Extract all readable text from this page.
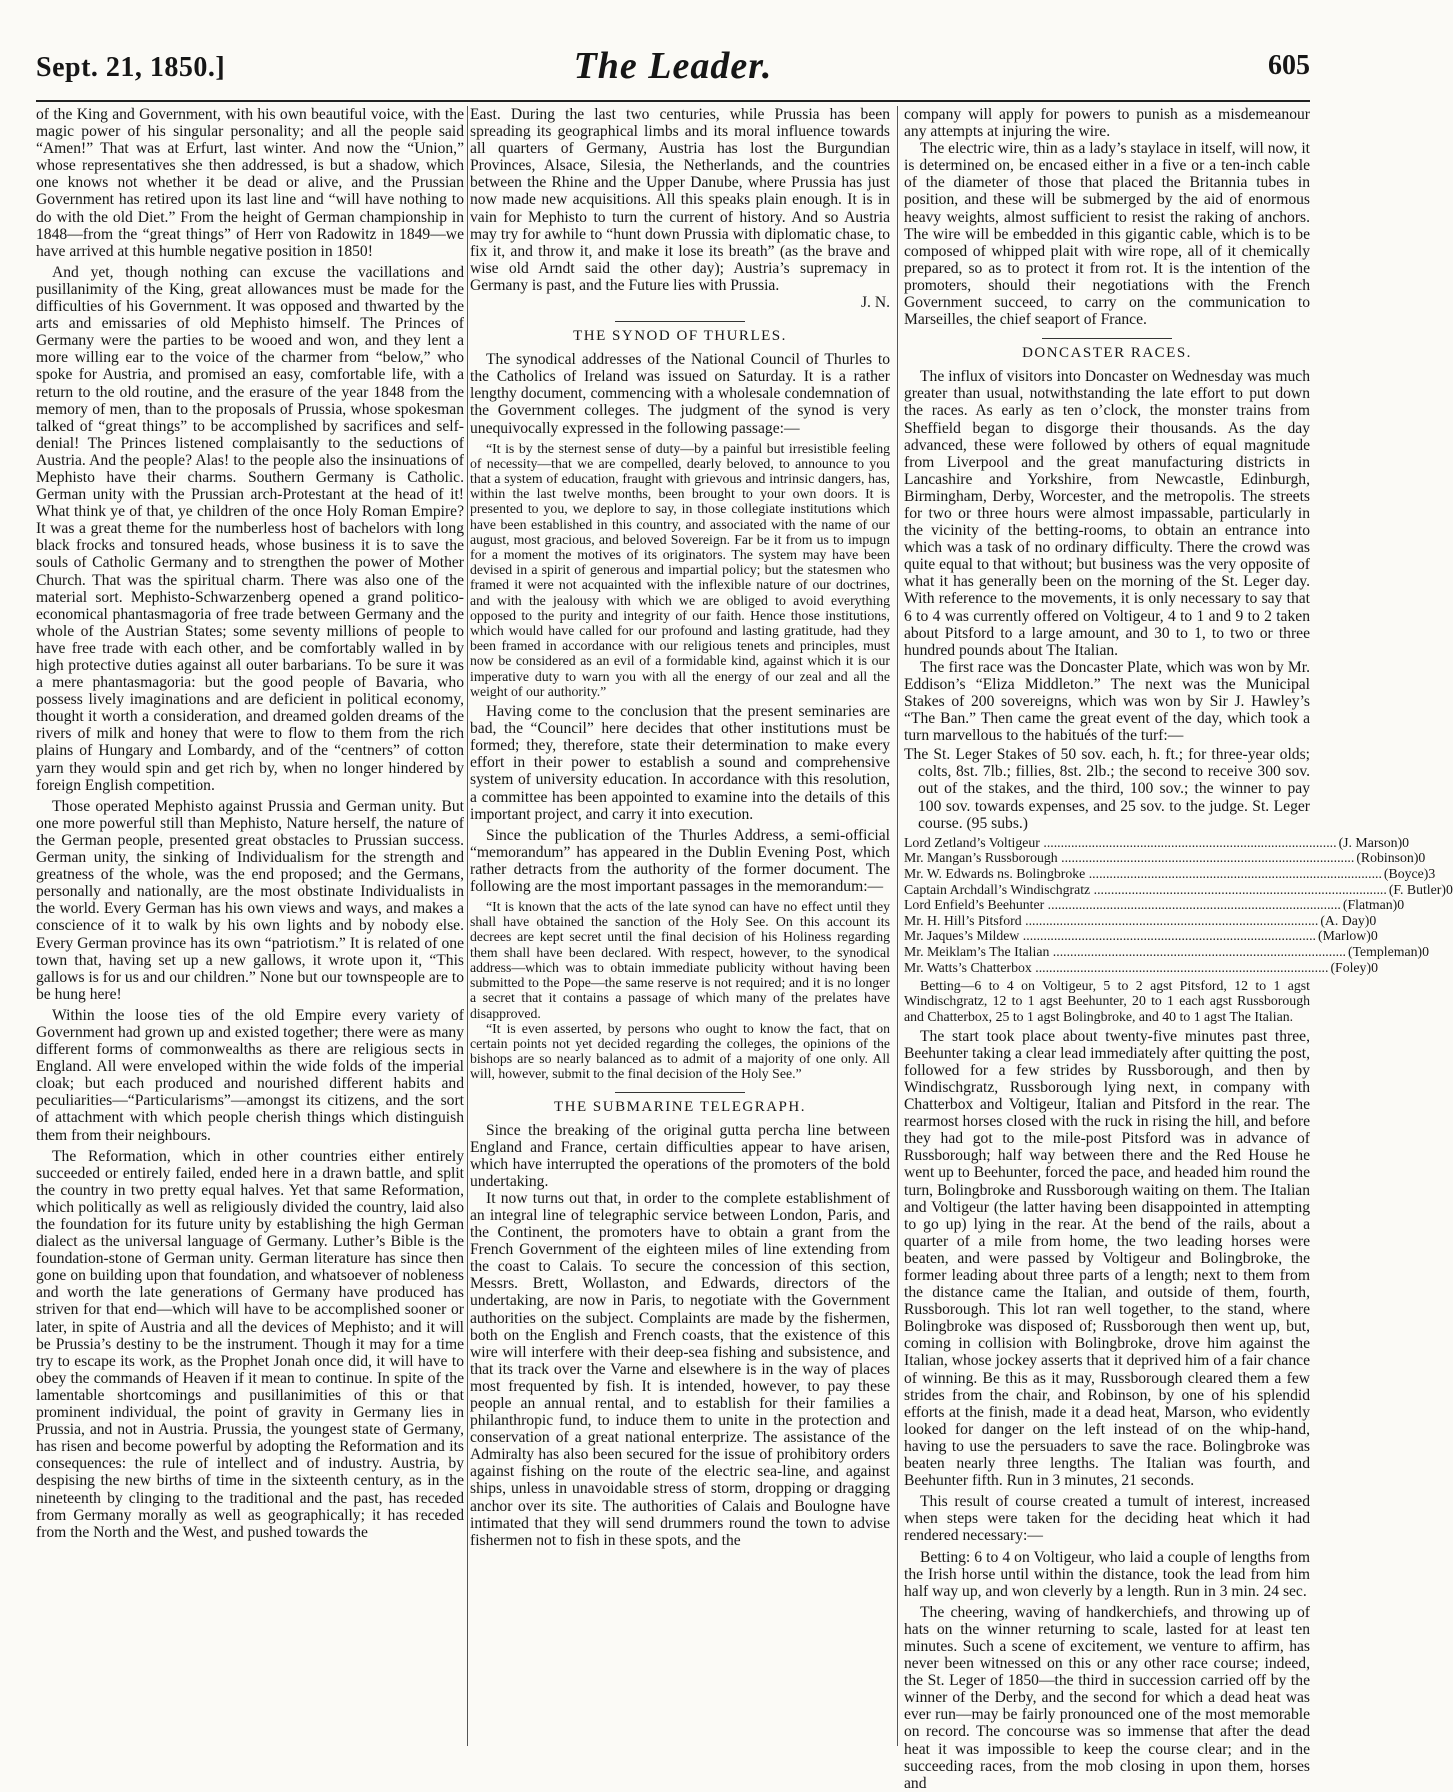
Sept. 21, 1850.]	The Leader.	605

of the King and Government, with his own beautiful voice, with the magic power of his singular personality; and all the people said “Amen!” That was at Erfurt, last winter. And now the “Union,” whose representatives she then addressed, is but a shadow, which one knows not whether it be dead or alive, and the Prussian Government has retired upon its last line and “will have nothing to do with the old Diet.” From the height of German championship in 1848—from the “great things” of Herr von Radowitz in 1849—we have arrived at this humble negative position in 1850!

And yet, though nothing can excuse the vacillations and pusillanimity of the King, great allowances must be made for the difficulties of his Government. It was opposed and thwarted by the arts and emissaries of old Mephisto himself. The Princes of Germany were the parties to be wooed and won, and they lent a more willing ear to the voice of the charmer from “below,” who spoke for Austria, and promised an easy, comfortable life, with a return to the old routine, and the erasure of the year 1848 from the memory of men, than to the proposals of Prussia, whose spokesman talked of “great things” to be accomplished by sacrifices and self-denial! The Princes listened complaisantly to the seductions of Austria. And the people? Alas! to the people also the insinuations of Mephisto have their charms. Southern Germany is Catholic. German unity with the Prussian arch-Protestant at the head of it! What think ye of that, ye children of the once Holy Roman Empire? It was a great theme for the numberless host of bachelors with long black frocks and tonsured heads, whose business it is to save the souls of Catholic Germany and to strengthen the power of Mother Church. That was the spiritual charm. There was also one of the material sort. Mephisto-Schwarzenberg opened a grand politico-economical phantasmagoria of free trade between Germany and the whole of the Austrian States; some seventy millions of people to have free trade with each other, and be comfortably walled in by high protective duties against all outer barbarians. To be sure it was a mere phantasmagoria: but the good people of Bavaria, who possess lively imaginations and are deficient in political economy, thought it worth a consideration, and dreamed golden dreams of the rivers of milk and honey that were to flow to them from the rich plains of Hungary and Lombardy, and of the “centners” of cotton yarn they would spin and get rich by, when no longer hindered by foreign English competition.

Those operated Mephisto against Prussia and German unity. But one more powerful still than Mephisto, Nature herself, the nature of the German people, presented great obstacles to Prussian success. German unity, the sinking of Individualism for the strength and greatness of the whole, was the end proposed; and the Germans, personally and nationally, are the most obstinate Individualists in the world. Every German has his own views and ways, and makes a conscience of it to walk by his own lights and by nobody else. Every German province has its own “patriotism.” It is related of one town that, having set up a new gallows, it wrote upon it, “This gallows is for us and our children.” None but our townspeople are to be hung here!

Within the loose ties of the old Empire every variety of Government had grown up and existed together; there were as many different forms of commonwealths as there are religious sects in England. All were enveloped within the wide folds of the imperial cloak; but each produced and nourished different habits and peculiarities—“Particularisms”—amongst its citizens, and the sort of attachment with which people cherish things which distinguish them from their neighbours.

The Reformation, which in other countries either entirely succeeded or entirely failed, ended here in a drawn battle, and split the country in two pretty equal halves. Yet that same Reformation, which politically as well as religiously divided the country, laid also the foundation for its future unity by establishing the high German dialect as the universal language of Germany. Luther’s Bible is the foundation-stone of German unity. German literature has since then gone on building upon that foundation, and whatsoever of nobleness and worth the late generations of Germany have produced has striven for that end—which will have to be accomplished sooner or later, in spite of Austria and all the devices of Mephisto; and it will be Prussia’s destiny to be the instrument. Though it may for a time try to escape its work, as the Prophet Jonah once did, it will have to obey the commands of Heaven if it mean to continue. In spite of the lamentable shortcomings and pusillanimities of this or that prominent individual, the point of gravity in Germany lies in Prussia, and not in Austria. Prussia, the youngest state of Germany, has risen and become powerful by adopting the Reformation and its consequences: the rule of intellect and of industry. Austria, by despising the new births of time in the sixteenth century, as in the nineteenth by clinging to the traditional and the past, has receded from Germany morally as well as geographically; it has receded from the North and the West, and pushed towards the

East. During the last two centuries, while Prussia has been spreading its geographical limbs and its moral influence towards all quarters of Germany, Austria has lost the Burgundian Provinces, Alsace, Silesia, the Netherlands, and the countries between the Rhine and the Upper Danube, where Prussia has just now made new acquisitions. All this speaks plain enough. It is in vain for Mephisto to turn the current of history. And so Austria may try for awhile to “hunt down Prussia with diplomatic chase, to fix it, and throw it, and make it lose its breath” (as the brave and wise old Arndt said the other day); Austria’s supremacy in Germany is past, and the Future lies with Prussia.

J. N.

THE SYNOD OF THURLES.

The synodical addresses of the National Council of Thurles to the Catholics of Ireland was issued on Saturday. It is a rather lengthy document, commencing with a wholesale condemnation of the Government colleges. The judgment of the synod is very unequivocally expressed in the following passage:—

“It is by the sternest sense of duty—by a painful but irresistible feeling of necessity—that we are compelled, dearly beloved, to announce to you that a system of education, fraught with grievous and intrinsic dangers, has, within the last twelve months, been brought to your own doors. It is presented to you, we deplore to say, in those collegiate institutions which have been established in this country, and associated with the name of our august, most gracious, and beloved Sovereign. Far be it from us to impugn for a moment the motives of its originators. The system may have been devised in a spirit of generous and impartial policy; but the statesmen who framed it were not acquainted with the inflexible nature of our doctrines, and with the jealousy with which we are obliged to avoid everything opposed to the purity and integrity of our faith. Hence those institutions, which would have called for our profound and lasting gratitude, had they been framed in accordance with our religious tenets and principles, must now be considered as an evil of a formidable kind, against which it is our imperative duty to warn you with all the energy of our zeal and all the weight of our authority.”

Having come to the conclusion that the present seminaries are bad, the “Council” here decides that other institutions must be formed; they, therefore, state their determination to make every effort in their power to establish a sound and comprehensive system of university education. In accordance with this resolution, a committee has been appointed to examine into the details of this important project, and carry it into execution.

Since the publication of the Thurles Address, a semi-official “memorandum” has appeared in the Dublin Evening Post, which rather detracts from the authority of the former document. The following are the most important passages in the memorandum:—

“It is known that the acts of the late synod can have no effect until they shall have obtained the sanction of the Holy See. On this account its decrees are kept secret until the final decision of his Holiness regarding them shall have been declared. With respect, however, to the synodical address—which was to obtain immediate publicity without having been submitted to the Pope—the same reserve is not required; and it is no longer a secret that it contains a passage of which many of the prelates have disapproved.

“It is even asserted, by persons who ought to know the fact, that on certain points not yet decided regarding the colleges, the opinions of the bishops are so nearly balanced as to admit of a majority of one only. All will, however, submit to the final decision of the Holy See.”

THE SUBMARINE TELEGRAPH.

Since the breaking of the original gutta percha line between England and France, certain difficulties appear to have arisen, which have interrupted the operations of the promoters of the bold undertaking.

It now turns out that, in order to the complete establishment of an integral line of telegraphic service between London, Paris, and the Continent, the promoters have to obtain a grant from the French Government of the eighteen miles of line extending from the coast to Calais. To secure the concession of this section, Messrs. Brett, Wollaston, and Edwards, directors of the undertaking, are now in Paris, to negotiate with the Government authorities on the subject. Complaints are made by the fishermen, both on the English and French coasts, that the existence of this wire will interfere with their deep-sea fishing and subsistence, and that its track over the Varne and elsewhere is in the way of places most frequented by fish. It is intended, however, to pay these people an annual rental, and to establish for their families a philanthropic fund, to induce them to unite in the protection and conservation of a great national enterprize. The assistance of the Admiralty has also been secured for the issue of prohibitory orders against fishing on the route of the electric sea-line, and against ships, unless in unavoidable stress of storm, dropping or dragging anchor over its site. The authorities of Calais and Boulogne have intimated that they will send drummers round the town to advise fishermen not to fish in these spots, and the

company will apply for powers to punish as a misdemeanour any attempts at injuring the wire.

The electric wire, thin as a lady’s staylace in itself, will now, it is determined on, be encased either in a five or a ten-inch cable of the diameter of those that placed the Britannia tubes in position, and these will be submerged by the aid of enormous heavy weights, almost sufficient to resist the raking of anchors. The wire will be embedded in this gigantic cable, which is to be composed of whipped plait with wire rope, all of it chemically prepared, so as to protect it from rot. It is the intention of the promoters, should their negotiations with the French Government succeed, to carry on the communication to Marseilles, the chief seaport of France.

DONCASTER RACES.

The influx of visitors into Doncaster on Wednesday was much greater than usual, notwithstanding the late effort to put down the races. As early as ten o’clock, the monster trains from Sheffield began to disgorge their thousands. As the day advanced, these were followed by others of equal magnitude from Liverpool and the great manufacturing districts in Lancashire and Yorkshire, from Newcastle, Edinburgh, Birmingham, Derby, Worcester, and the metropolis. The streets for two or three hours were almost impassable, particularly in the vicinity of the betting-rooms, to obtain an entrance into which was a task of no ordinary difficulty. There the crowd was quite equal to that without; but business was the very opposite of what it has generally been on the morning of the St. Leger day. With reference to the movements, it is only necessary to say that 6 to 4 was currently offered on Voltigeur, 4 to 1 and 9 to 2 taken about Pitsford to a large amount, and 30 to 1, to two or three hundred pounds about The Italian.

The first race was the Doncaster Plate, which was won by Mr. Eddison’s “Eliza Middleton.” The next was the Municipal Stakes of 200 sovereigns, which was won by Sir J. Hawley’s “The Ban.” Then came the great event of the day, which took a turn marvellous to the habitués of the turf:—

The St. Leger Stakes of 50 sov. each, h. ft.; for three-year olds; colts, 8st. 7lb.; fillies, 8st. 2lb.; the second to receive 300 sov. out of the stakes, and the third, 100 sov.; the winner to pay 100 sov. towards expenses, and 25 sov. to the judge. St. Leger course. (95 subs.)

Lord Zetland’s Voltigeur .....	(J. Marson) 0
Mr. Mangan’s Russborough .....	(Robinson) 0
Mr. W. Edwards ns. Bolingbroke .....	(Boyce) 3
Captain Archdall’s Windischgratz .....	(F. Butler) 0
Lord Enfield’s Beehunter .....	(Flatman) 0
Mr. H. Hill’s Pitsford .....	(A. Day) 0
Mr. Jaques’s Mildew .....	(Marlow) 0
Mr. Meiklam’s The Italian .....	(Templeman) 0
Mr. Watts’s Chatterbox .....	(Foley) 0

Betting—6 to 4 on Voltigeur, 5 to 2 agst Pitsford, 12 to 1 agst Windischgratz, 12 to 1 agst Beehunter, 20 to 1 each agst Russborough and Chatterbox, 25 to 1 agst Bolingbroke, and 40 to 1 agst The Italian.

The start took place about twenty-five minutes past three, Beehunter taking a clear lead immediately after quitting the post, followed for a few strides by Russborough, and then by Windischgratz, Russborough lying next, in company with Chatterbox and Voltigeur, Italian and Pitsford in the rear. The rearmost horses closed with the ruck in rising the hill, and before they had got to the mile-post Pitsford was in advance of Russborough; half way between there and the Red House he went up to Beehunter, forced the pace, and headed him round the turn, Bolingbroke and Russborough waiting on them. The Italian and Voltigeur (the latter having been disappointed in attempting to go up) lying in the rear. At the bend of the rails, about a quarter of a mile from home, the two leading horses were beaten, and were passed by Voltigeur and Bolingbroke, the former leading about three parts of a length; next to them from the distance came the Italian, and outside of them, fourth, Russborough. This lot ran well together, to the stand, where Bolingbroke was disposed of; Russborough then went up, but, coming in collision with Bolingbroke, drove him against the Italian, whose jockey asserts that it deprived him of a fair chance of winning. Be this as it may, Russborough cleared them a few strides from the chair, and Robinson, by one of his splendid efforts at the finish, made it a dead heat, Marson, who evidently looked for danger on the left instead of on the whip-hand, having to use the persuaders to save the race. Bolingbroke was beaten nearly three lengths. The Italian was fourth, and Beehunter fifth. Run in 3 minutes, 21 seconds.

This result of course created a tumult of interest, increased when steps were taken for the deciding heat which it had rendered necessary:—

Betting: 6 to 4 on Voltigeur, who laid a couple of lengths from the Irish horse until within the distance, took the lead from him half way up, and won cleverly by a length. Run in 3 min. 24 sec.

The cheering, waving of handkerchiefs, and throwing up of hats on the winner returning to scale, lasted for at least ten minutes. Such a scene of excitement, we venture to affirm, has never been witnessed on this or any other race course; indeed, the St. Leger of 1850—the third in succession carried off by the winner of the Derby, and the second for which a dead heat was ever run—may be fairly pronounced one of the most memorable on record. The concourse was so immense that after the dead heat it was impossible to keep the course clear; and in the succeeding races, from the mob closing in upon them, horses and
